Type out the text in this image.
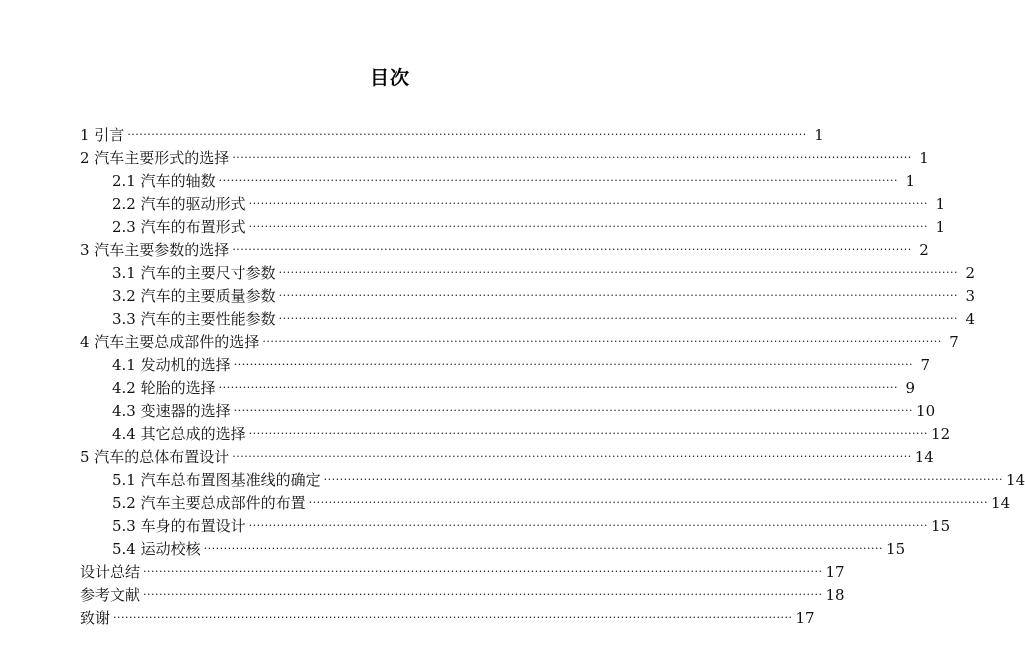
目次
1 引言 ·········································································································································································· 1
2 汽车主要形式的选择 ·········································································································································································· 1
2.1 汽车的轴数 ·········································································································································································· 1
2.2 汽车的驱动形式 ·········································································································································································· 1
2.3 汽车的布置形式 ·········································································································································································· 1
3 汽车主要参数的选择 ·········································································································································································· 2
3.1 汽车的主要尺寸参数 ·········································································································································································· 2
3.2 汽车的主要质量参数 ·········································································································································································· 3
3.3 汽车的主要性能参数 ·········································································································································································· 4
4 汽车主要总成部件的选择 ·········································································································································································· 7
4.1 发动机的选择 ·········································································································································································· 7
4.2 轮胎的选择 ·········································································································································································· 9
4.3 变速器的选择 ·········································································································································································· 10
4.4 其它总成的选择 ·········································································································································································· 12
5 汽车的总体布置设计 ·········································································································································································· 14
5.1 汽车总布置图基准线的确定 ·········································································································································································· 14
5.2 汽车主要总成部件的布置 ·········································································································································································· 14
5.3 车身的布置设计 ·········································································································································································· 15
5.4 运动校核 ·········································································································································································· 15
设计总结 ·········································································································································································· 17
参考文献 ·········································································································································································· 18
致谢 ·········································································································································································· 17
